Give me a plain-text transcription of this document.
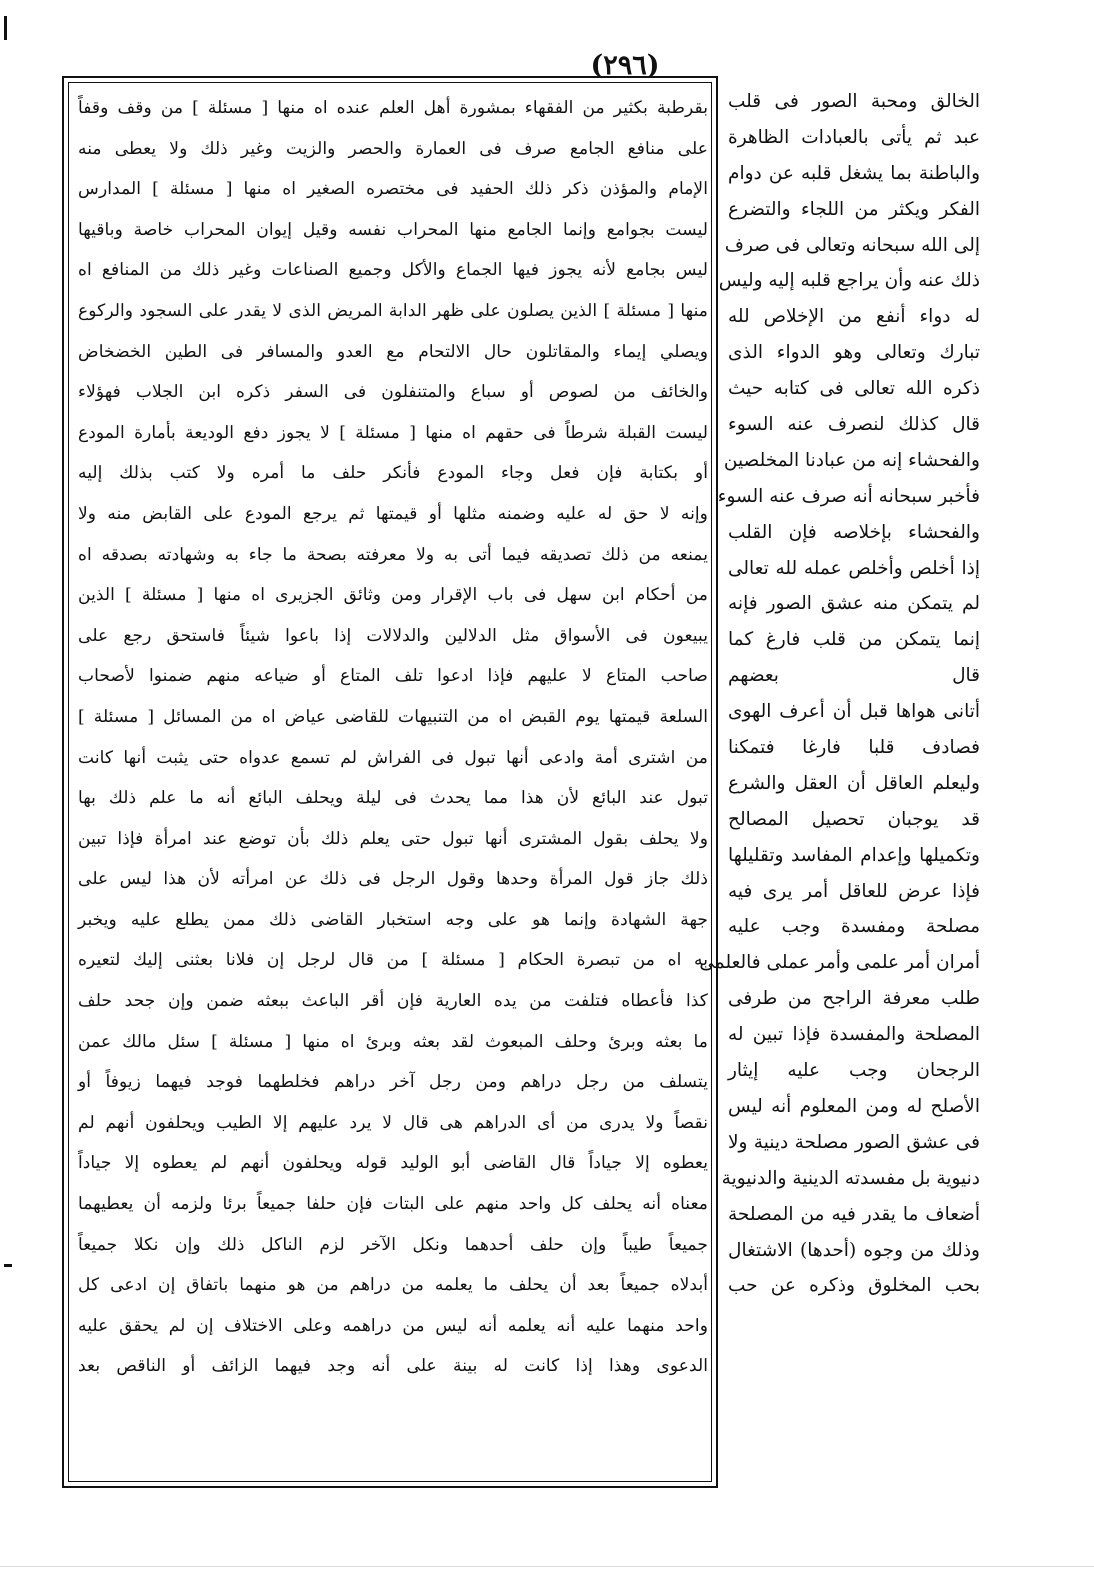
(٢٩٦)
بقرطبة بكثير من الفقهاء بمشورة أهل العلم عنده اه منها [ مسئلة ] من وقف وقفاً
على منافع الجامع صرف فى العمارة والحصر والزيت وغير ذلك ولا يعطى منه
الإمام والمؤذن ذكر ذلك الحفيد فى مختصره الصغير اه منها [ مسئلة ] المدارس
ليست بجوامع وإنما الجامع منها المحراب نفسه وقيل إيوان المحراب خاصة وباقيها
ليس بجامع لأنه يجوز فيها الجماع والأكل وجميع الصناعات وغير ذلك من المنافع اه
منها [ مسئلة ] الذين يصلون على ظهر الدابة المريض الذى لا يقدر على السجود والركوع
ويصلي إيماء والمقاتلون حال الالتحام مع العدو والمسافر فى الطين الخضخاض
والخائف من لصوص أو سباع والمتنفلون فى السفر ذكره ابن الجلاب فهؤلاء
ليست القبلة شرطاً فى حقهم اه منها [ مسئلة ] لا يجوز دفع الوديعة بأمارة المودع
أو بكتابة فإن فعل وجاء المودع فأنكر حلف ما أمره ولا كتب بذلك إليه
وإنه لا حق له عليه وضمنه مثلها أو قيمتها ثم يرجع المودع على القابض منه ولا
يمنعه من ذلك تصديقه فيما أتى به ولا معرفته بصحة ما جاء به وشهادته بصدقه اه
من أحكام ابن سهل فى باب الإقرار ومن وثائق الجزيرى اه منها [ مسئلة ] الذين
يبيعون فى الأسواق مثل الدلالين والدلالات إذا باعوا شيئاً فاستحق رجع على
صاحب المتاع لا عليهم فإذا ادعوا تلف المتاع أو ضياعه منهم ضمنوا لأصحاب
السلعة قيمتها يوم القبض اه من التنبيهات للقاضى عياض اه من المسائل [ مسئلة ]
من اشترى أمة وادعى أنها تبول فى الفراش لم تسمع عدواه حتى يثبت أنها كانت
تبول عند البائع لأن هذا مما يحدث فى ليلة ويحلف البائع أنه ما علم ذلك بها
ولا يحلف بقول المشترى أنها تبول حتى يعلم ذلك بأن توضع عند امرأة فإذا تبين
ذلك جاز قول المرأة وحدها وقول الرجل فى ذلك عن امرأته لأن هذا ليس على
جهة الشهادة وإنما هو على وجه استخبار القاضى ذلك ممن يطلع عليه ويخبر
به اه من تبصرة الحكام [ مسئلة ] من قال لرجل إن فلانا بعثنى إليك لتعيره
كذا فأعطاه فتلفت من يده العارية فإن أقر الباعث ببعثه ضمن وإن جحد حلف
ما بعثه وبرئ وحلف المبعوث لقد بعثه وبرئ اه منها [ مسئلة ] سئل مالك عمن
يتسلف من رجل دراهم ومن رجل آخر دراهم فخلطهما فوجد فيهما زيوفاً أو
نقصاً ولا يدرى من أى الدراهم هى قال لا يرد عليهم إلا الطيب ويحلفون أنهم لم
يعطوه إلا جياداً قال القاضى أبو الوليد قوله ويحلفون أنهم لم يعطوه إلا جياداً
معناه أنه يحلف كل واحد منهم على البتات فإن حلفا جميعاً برئا ولزمه أن يعطيهما
جميعاً طيباً وإن حلف أحدهما ونكل الآخر لزم الناكل ذلك وإن نكلا جميعاً
أبدلاه جميعاً بعد أن يحلف ما يعلمه من دراهم من هو منهما باتفاق إن ادعى كل
واحد منهما عليه أنه يعلمه أنه ليس من دراهمه وعلى الاختلاف إن لم يحقق عليه
الدعوى وهذا إذا كانت له بينة على أنه وجد فيهما الزائف أو الناقص بعد
الخالق ومحبة الصور فى قلب
عبد ثم يأتى بالعبادات الظاهرة
والباطنة بما يشغل قلبه عن دوام
الفكر ويكثر من اللجاء والتضرع
إلى الله سبحانه وتعالى فى صرف
ذلك عنه وأن يراجع قلبه إليه وليس
له دواء أنفع من الإخلاص لله
تبارك وتعالى وهو الدواء الذى
ذكره الله تعالى فى كتابه حيث
قال كذلك لنصرف عنه السوء
والفحشاء إنه من عبادنا المخلصين
فأخبر سبحانه أنه صرف عنه السوء
والفحشاء بإخلاصه فإن القلب
إذا أخلص وأخلص عمله لله تعالى
لم يتمكن منه عشق الصور فإنه
إنما يتمكن من قلب فارغ كما
قال بعضهم
أتانى هواها قبل أن أعرف الهوى
فصادف قلبا فارغا فتمكنا
وليعلم العاقل أن العقل والشرع
قد يوجبان تحصيل المصالح
وتكميلها وإعدام المفاسد وتقليلها
فإذا عرض للعاقل أمر يرى فيه
مصلحة ومفسدة وجب عليه
أمران أمر علمى وأمر عملى فالعلمى
طلب معرفة الراجح من طرفى
المصلحة والمفسدة فإذا تبين له
الرجحان وجب عليه إيثار
الأصلح له ومن المعلوم أنه ليس
فى عشق الصور مصلحة دينية ولا
دنيوية بل مفسدته الدينية والدنيوية
أضعاف ما يقدر فيه من المصلحة
وذلك من وجوه (أحدها) الاشتغال
بحب المخلوق وذكره عن حب
